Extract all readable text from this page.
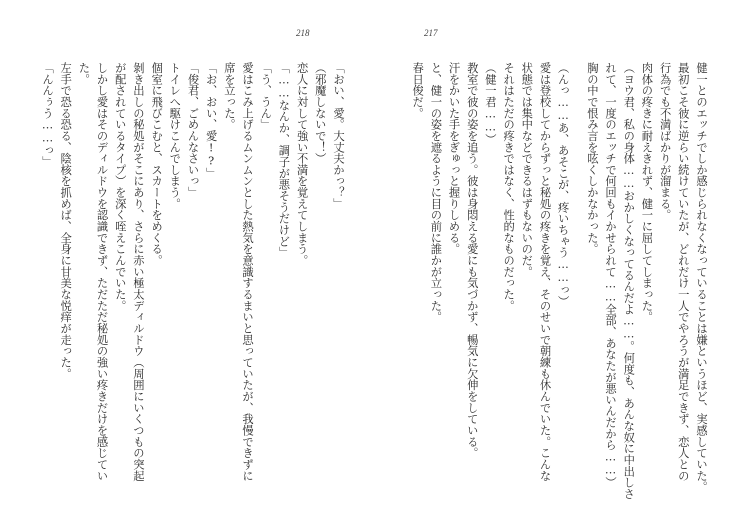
218	217
健一とのエッチでしか感じられなくなっていることは嫌というほど、実感していた。
最初こそ彼に逆らい続けていたが、どれだけ一人でやろうが満足できず、恋人との
行為でも不満ばかりが溜まる。
肉体の疼きに耐えきれず、健一に屈してしまった。
（ヨウ君、私の身体……おかしくなってるんだよ……。何度も、あんな奴に中出しさ
れて、一度のエッチで何回もイかせられて……全部、あなたが悪いんだから……）
胸の中で恨み言を呟くしかなかった。
（んっ……あ、あそこが、疼いちゃう……っ）
愛は登校してからずっと秘処の疼きを覚え、そのせいで朝練も休んでいた。こんな
状態では集中などできるはずもないのだ。
それはただの疼きではなく、性的なものだった。
（健一君……）
教室で彼の姿を追う。彼は身悶える愛にも気づかず、暢気に欠伸をしている。
汗をかいた手をぎゅっと握りしめる。
と、健一の姿を遮るように目の前に誰かが立った。
春日俊だ。
「おい、愛。大丈夫かっ？」
（邪魔しないで！）
恋人に対して強い不満を覚えてしまう。
「……なんか、調子が悪そうだけど」
「う、うん」
愛はこみ上げるムンムンとした熱気を意識するまいと思っていたが、我慢できずに
席を立った。
「お、おい、愛!?」
「俊君、ごめんなさいっ」
トイレへ駆けこんでしまう。
個室に飛びこむと、スカートをめくる。
剝き出しの秘処がそこにあり、さらに赤い極太ディルドウ（周囲にいくつもの突起
が配されているタイプ）を深く咥えこんでいた。
しかし愛はそのディルドウを認識できず、ただただ秘処の強い疼きだけを感じてい
た。
左手で恐る恐る、陰核を抓めば、全身に甘美な悦痒が走った。
「んんぅう……っ」
